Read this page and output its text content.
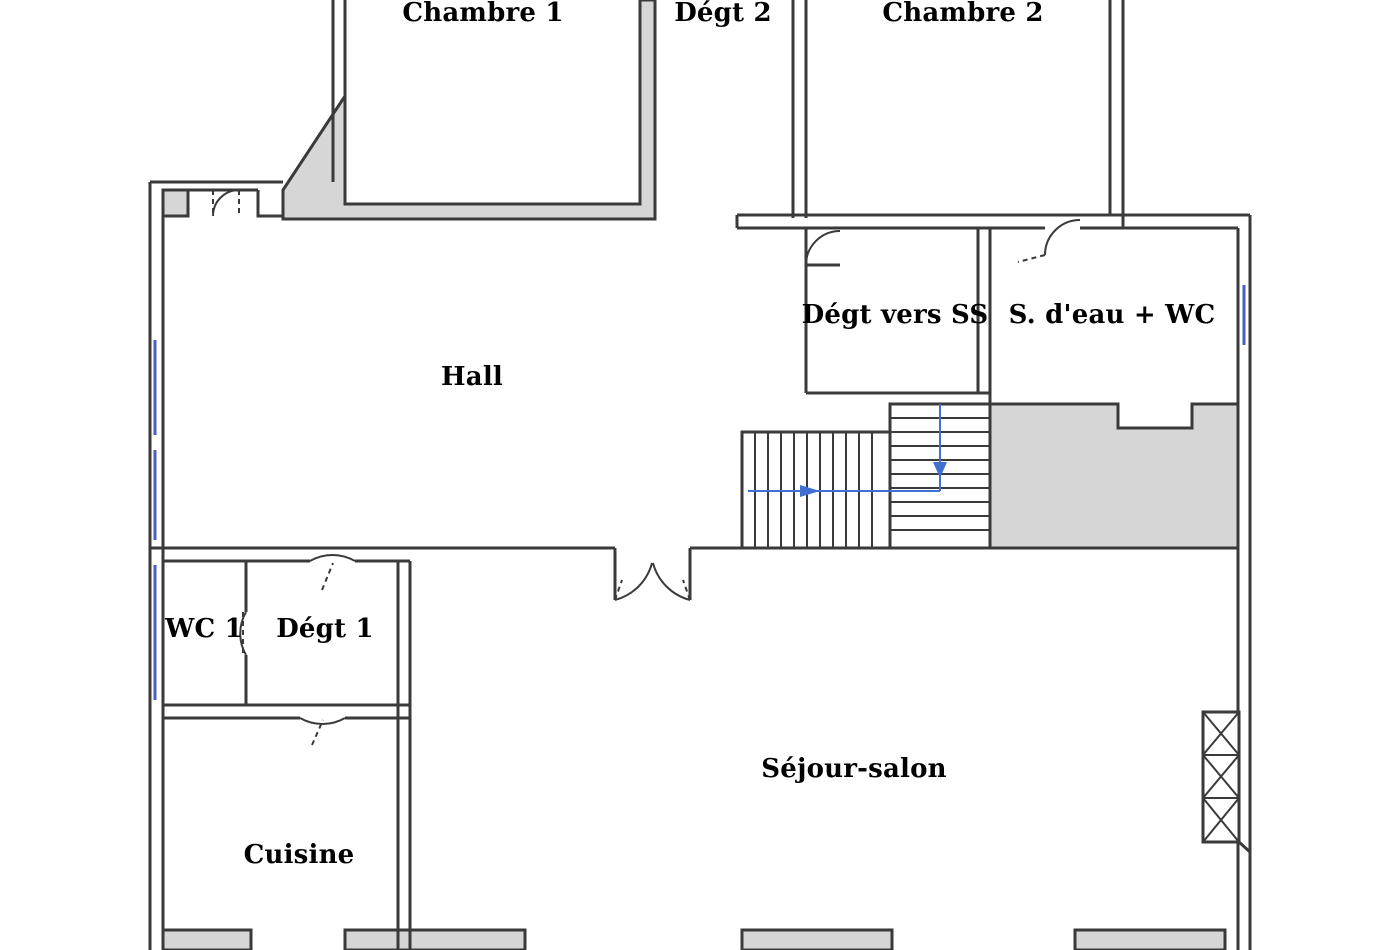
Chambre 1	Dégt 2	Chambre 2
Hall
Dégt vers SS S. d'eau + WC
WC 1 Dégt 1
Séjour-salon
Cuisine
